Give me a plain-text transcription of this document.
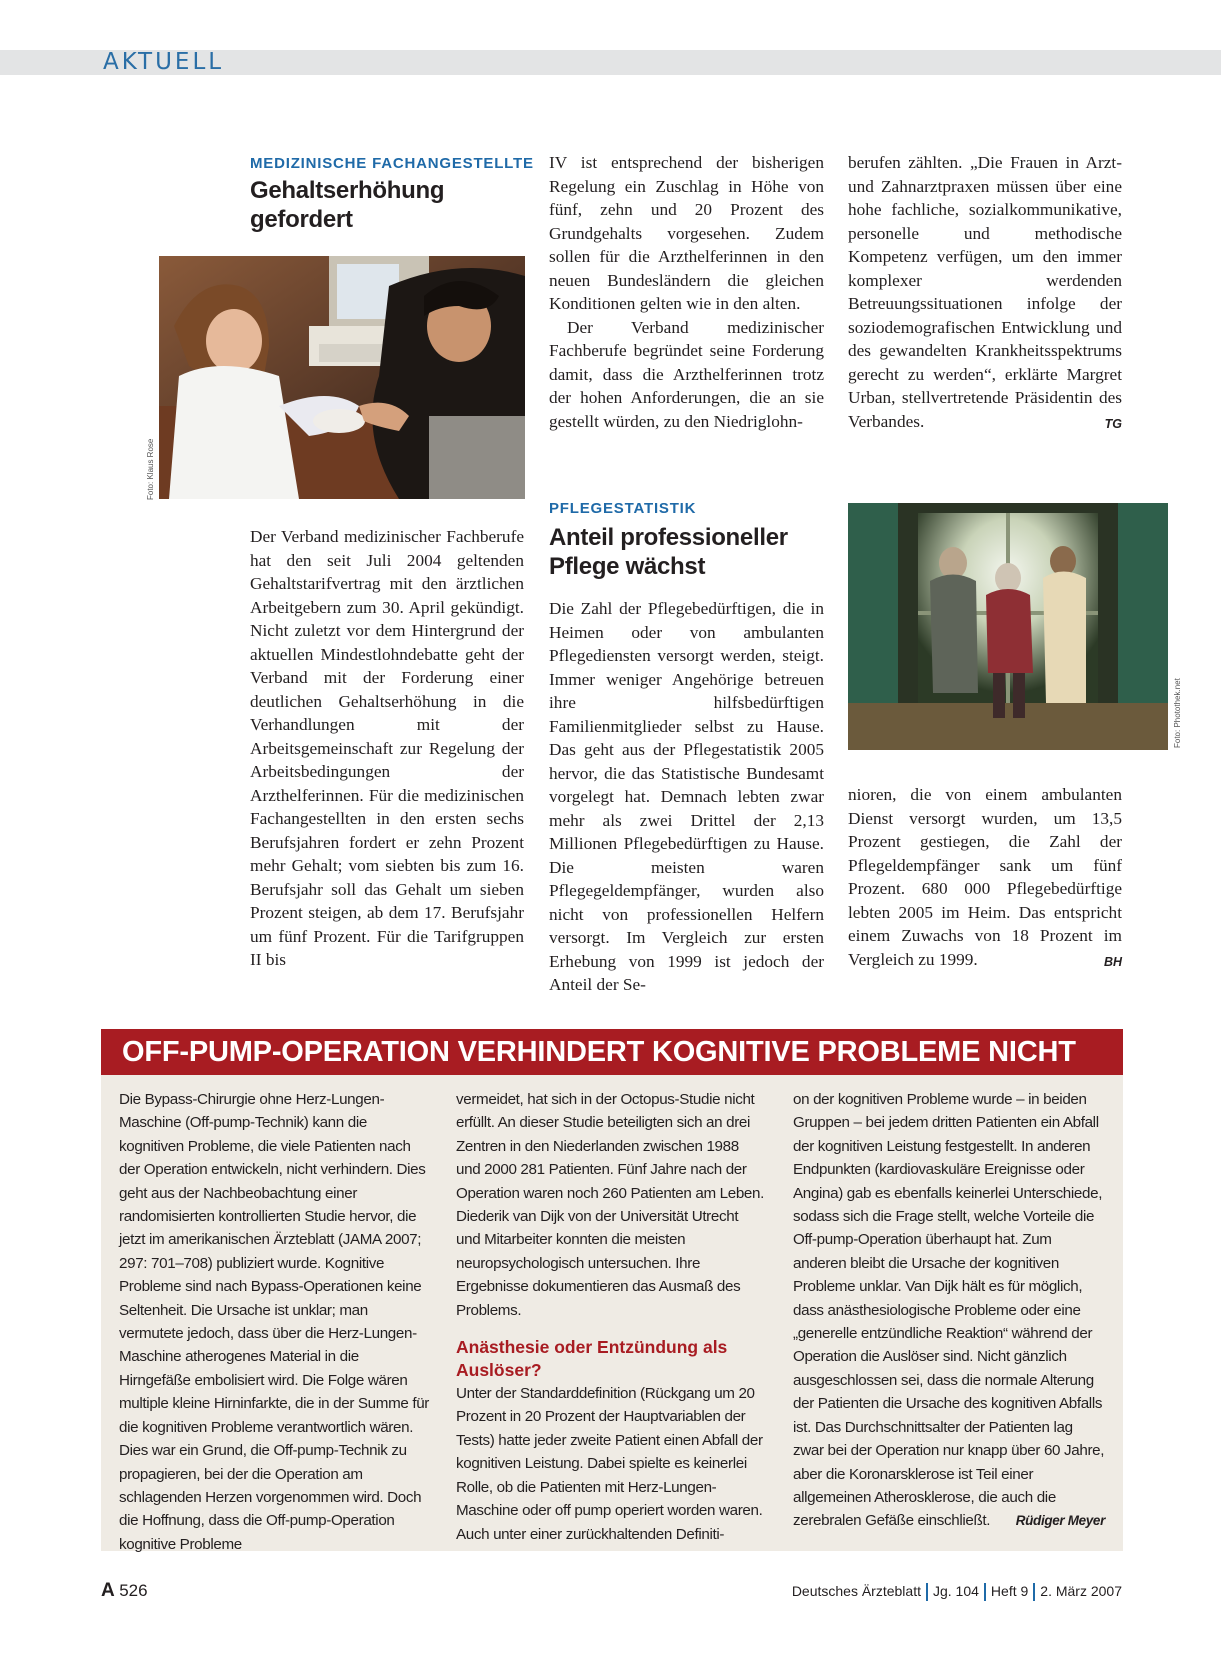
AKTUELL
MEDIZINISCHE FACHANGESTELLTE
Gehaltserhöhung
gefordert
Foto: Klaus Rose

Der Verband medizinischer Fachberufe hat den seit Juli 2004 geltenden Gehaltstarifvertrag mit den ärztlichen Arbeitgebern zum 30. April gekündigt. Nicht zuletzt vor dem Hintergrund der aktuellen Mindestlohndebatte geht der Verband mit der Forderung einer deutlichen Gehaltserhöhung in die Verhandlungen mit der Arbeitsgemeinschaft zur Regelung der Arbeitsbedingungen der Arzthelferinnen. Für die medizinischen Fachangestellten in den ersten sechs Berufsjahren fordert er zehn Prozent mehr Gehalt; vom siebten bis zum 16. Berufsjahr soll das Gehalt um sieben Prozent steigen, ab dem 17. Berufsjahr um fünf Prozent. Für die Tarifgruppen II bis

IV ist entsprechend der bisherigen Regelung ein Zuschlag in Höhe von fünf, zehn und 20 Prozent des Grundgehalts vorgesehen. Zudem sollen für die Arzthelferinnen in den neuen Bundesländern die gleichen Konditionen gelten wie in den alten.

Der Verband medizinischer Fachberufe begründet seine Forderung damit, dass die Arzthelferinnen trotz der hohen Anforderungen, die an sie gestellt würden, zu den Niedriglohn-

berufen zählten. „Die Frauen in Arzt- und Zahnarztpraxen müssen über eine hohe fachliche, sozialkommunikative, personelle und methodische Kompetenz verfügen, um den immer komplexer werdenden Betreuungssituationen infolge der soziodemografischen Entwicklung und des gewandelten Krankheitsspektrums gerecht zu werden“, erklärte Margret Urban, stellvertretende Präsidentin des Verbandes.	TG

PFLEGESTATISTIK
Anteil professioneller
Pflege wächst

Die Zahl der Pflegebedürftigen, die in Heimen oder von ambulanten Pflegediensten versorgt werden, steigt. Immer weniger Angehörige betreuen ihre hilfsbedürftigen Familienmitglieder selbst zu Hause. Das geht aus der Pflegestatistik 2005 hervor, die das Statistische Bundesamt vorgelegt hat. Demnach lebten zwar mehr als zwei Drittel der 2,13 Millionen Pflegebedürftigen zu Hause. Die meisten waren Pflegegeldempfänger, wurden also nicht von professionellen Helfern versorgt. Im Vergleich zur ersten Erhebung von 1999 ist jedoch der Anteil der Se-

Foto: Photothek.net

nioren, die von einem ambulanten Dienst versorgt wurden, um 13,5 Prozent gestiegen, die Zahl der Pflegeldempfänger sank um fünf Prozent. 680 000 Pflegebedürftige lebten 2005 im Heim. Das entspricht einem Zuwachs von 18 Prozent im Vergleich zu 1999.	BH

OFF-PUMP-OPERATION VERHINDERT KOGNITIVE PROBLEME NICHT

Die Bypass-Chirurgie ohne Herz-Lungen-Maschine (Off-pump-Technik) kann die kognitiven Probleme, die viele Patienten nach der Operation entwickeln, nicht verhindern. Dies geht aus der Nachbeobachtung einer randomisierten kontrollierten Studie hervor, die jetzt im amerikanischen Ärzteblatt (JAMA 2007; 297: 701–708) publiziert wurde. Kognitive Probleme sind nach Bypass-Operationen keine Seltenheit. Die Ursache ist unklar; man vermutete jedoch, dass über die Herz-Lungen-Maschine atherogenes Material in die Hirngefäße embolisiert wird. Die Folge wären multiple kleine Hirninfarkte, die in der Summe für die kognitiven Probleme verantwortlich wären. Dies war ein Grund, die Off-pump-Technik zu propagieren, bei der die Operation am schlagenden Herzen vorgenommen wird. Doch die Hoffnung, dass die Off-pump-Operation kognitive Probleme

vermeidet, hat sich in der Octopus-Studie nicht erfüllt. An dieser Studie beteiligten sich an drei Zentren in den Niederlanden zwischen 1988 und 2000 281 Patienten. Fünf Jahre nach der Operation waren noch 260 Patienten am Leben. Diederik van Dijk von der Universität Utrecht und Mitarbeiter konnten die meisten neuropsychologisch untersuchen. Ihre Ergebnisse dokumentieren das Ausmaß des Problems.

Anästhesie oder Entzündung als Auslöser?

Unter der Standarddefinition (Rückgang um 20 Prozent in 20 Prozent der Hauptvariablen der Tests) hatte jeder zweite Patient einen Abfall der kognitiven Leistung. Dabei spielte es keinerlei Rolle, ob die Patienten mit Herz-Lungen-Maschine oder off pump operiert worden waren. Auch unter einer zurückhaltenden Definiti-

on der kognitiven Probleme wurde – in beiden Gruppen – bei jedem dritten Patienten ein Abfall der kognitiven Leistung festgestellt. In anderen Endpunkten (kardiovaskuläre Ereignisse oder Angina) gab es ebenfalls keinerlei Unterschiede, sodass sich die Frage stellt, welche Vorteile die Off-pump-Operation überhaupt hat. Zum anderen bleibt die Ursache der kognitiven Probleme unklar. Van Dijk hält es für möglich, dass anästhesiologische Probleme oder eine „generelle entzündliche Reaktion“ während der Operation die Auslöser sind. Nicht gänzlich ausgeschlossen sei, dass die normale Alterung der Patienten die Ursache des kognitiven Abfalls ist. Das Durchschnittsalter der Patienten lag zwar bei der Operation nur knapp über 60 Jahre, aber die Koronarsklerose ist Teil einer allgemeinen Atherosklerose, die auch die zerebralen Gefäße einschließt. Rüdiger Meyer

A 526	Deutsches Ärzteblatt Jg. 104 Heft 9 2. März 2007
